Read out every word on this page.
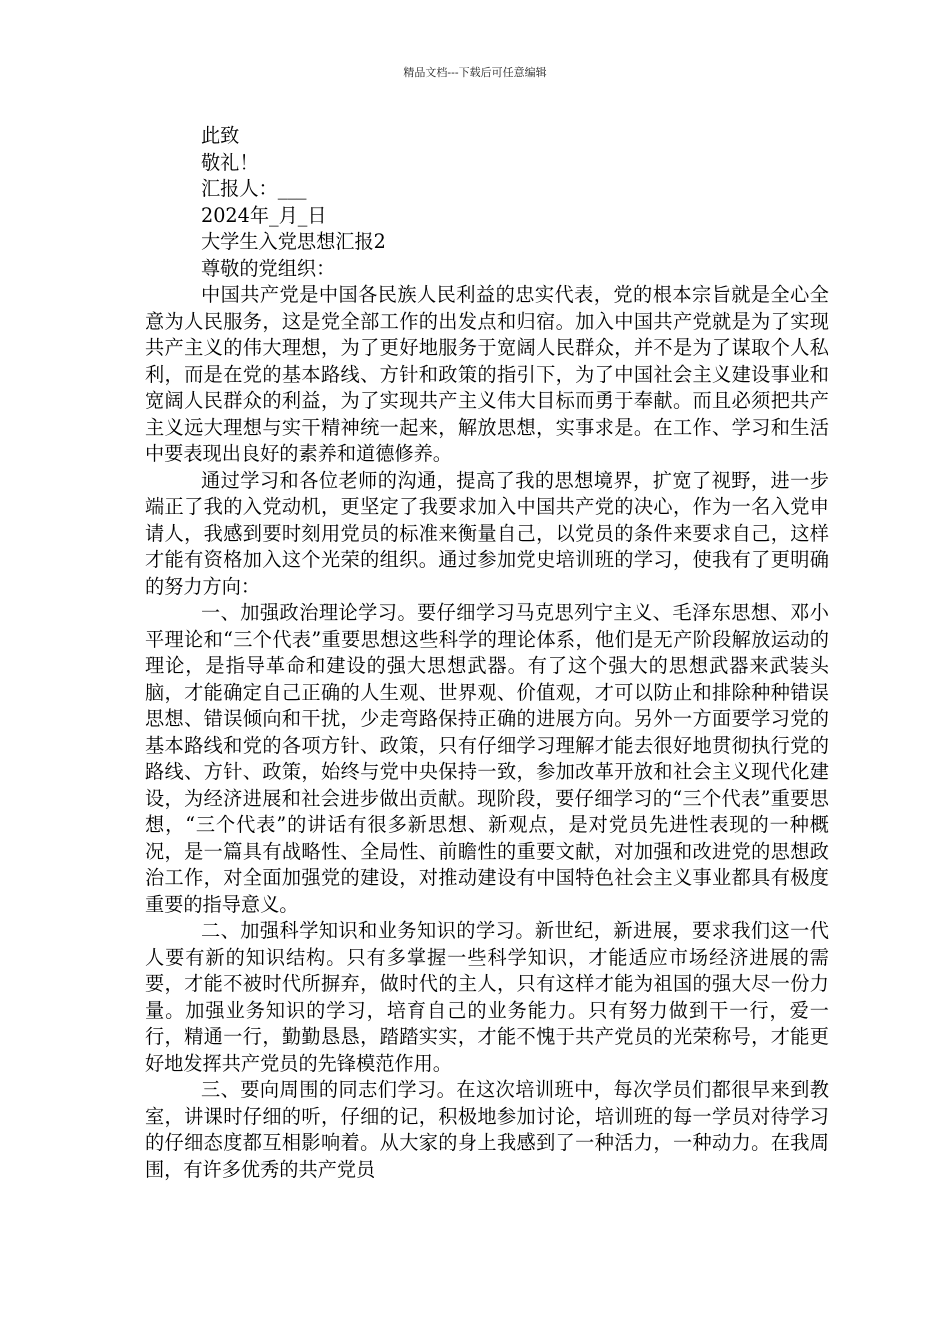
精品文档---下载后可任意编辑

此致

敬礼！

汇报人：___

2024年_月_日

大学生入党思想汇报2

尊敬的党组织：

中国共产党是中国各民族人民利益的忠实代表，党的根本宗旨就是全心全意为人民服务，这是党全部工作的出发点和归宿。加入中国共产党就是为了实现共产主义的伟大理想，为了更好地服务于宽阔人民群众，并不是为了谋取个人私利，而是在党的基本路线、方针和政策的指引下，为了中国社会主义建设事业和宽阔人民群众的利益，为了实现共产主义伟大目标而勇于奉献。而且必须把共产主义远大理想与实干精神统一起来，解放思想，实事求是。在工作、学习和生活中要表现出良好的素养和道德修养。

通过学习和各位老师的沟通，提高了我的思想境界，扩宽了视野，进一步端正了我的入党动机，更坚定了我要求加入中国共产党的决心，作为一名入党申请人，我感到要时刻用党员的标准来衡量自己，以党员的条件来要求自己，这样才能有资格加入这个光荣的组织。通过参加党史培训班的学习，使我有了更明确的努力方向：

一、加强政治理论学习。要仔细学习马克思列宁主义、毛泽东思想、邓小平理论和“三个代表”重要思想这些科学的理论体系，他们是无产阶段解放运动的理论，是指导革命和建设的强大思想武器。有了这个强大的思想武器来武装头脑，才能确定自己正确的人生观、世界观、价值观，才可以防止和排除种种错误思想、错误倾向和干扰，少走弯路保持正确的进展方向。另外一方面要学习党的基本路线和党的各项方针、政策，只有仔细学习理解才能去很好地贯彻执行党的路线、方针、政策，始终与党中央保持一致，参加改革开放和社会主义现代化建设，为经济进展和社会进步做出贡献。现阶段，要仔细学习的“三个代表”重要思想，“三个代表”的讲话有很多新思想、新观点，是对党员先进性表现的一种概况，是一篇具有战略性、全局性、前瞻性的重要文献，对加强和改进党的思想政治工作，对全面加强党的建设，对推动建设有中国特色社会主义事业都具有极度重要的指导意义。

二、加强科学知识和业务知识的学习。新世纪，新进展，要求我们这一代人要有新的知识结构。只有多掌握一些科学知识，才能适应市场经济进展的需要，才能不被时代所摒弃，做时代的主人，只有这样才能为祖国的强大尽一份力量。加强业务知识的学习，培育自己的业务能力。只有努力做到干一行，爱一行，精通一行，勤勤恳恳，踏踏实实，才能不愧于共产党员的光荣称号，才能更好地发挥共产党员的先锋模范作用。

三、要向周围的同志们学习。在这次培训班中，每次学员们都很早来到教室，讲课时仔细的听，仔细的记，积极地参加讨论，培训班的每一学员对待学习的仔细态度都互相影响着。从大家的身上我感到了一种活力，一种动力。在我周围，有许多优秀的共产党员
